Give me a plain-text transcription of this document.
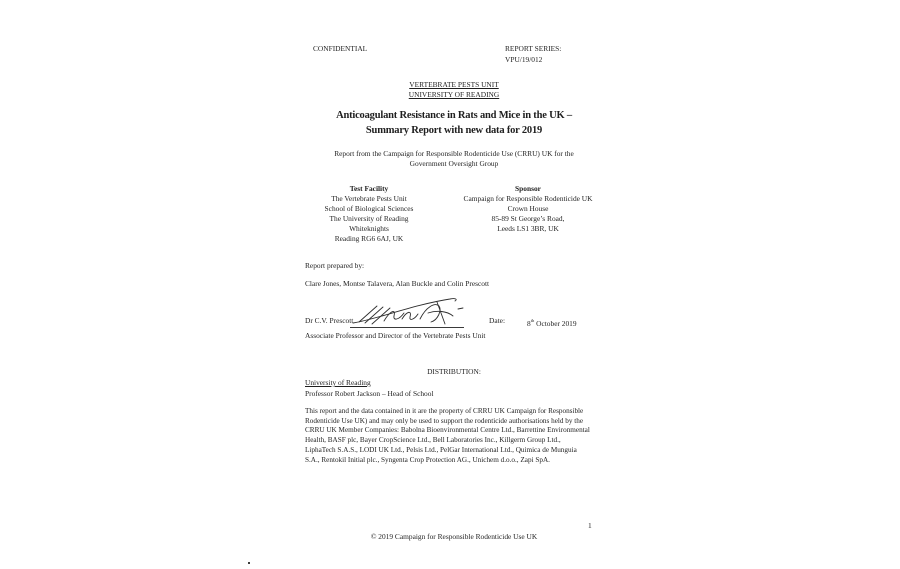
CONFIDENTIAL	REPORT SERIES:
VPU/19/012
VERTEBRATE PESTS UNIT
UNIVERSITY OF READING
Anticoagulant Resistance in Rats and Mice in the UK –
Summary Report with new data for 2019
Report from the Campaign for Responsible Rodenticide Use (CRRU) UK for the
Government Oversight Group
Test Facility
The Vertebrate Pests Unit
School of Biological Sciences
The University of Reading
Whiteknights
Reading RG6 6AJ, UK
Sponsor
Campaign for Responsible Rodenticide UK
Crown House
85-89 St George’s Road,
Leeds LS1 3BR, UK
Report prepared by:
Clare Jones, Montse Talavera, Alan Buckle and Colin Prescott
Dr C.V. Prescott	Date:	8th October 2019
Associate Professor and Director of the Vertebrate Pests Unit
DISTRIBUTION:
University of Reading
Professor Robert Jackson – Head of School
This report and the data contained in it are the property of CRRU UK Campaign for Responsible
Rodenticide Use UK) and may only be used to support the rodenticide authorisations held by the
CRRU UK Member Companies: Babolna Bioenvironmental Centre Ltd., Barrettine Environmental
Health, BASF plc, Bayer CropScience Ltd., Bell Laboratories Inc., Killgerm Group Ltd.,
LiphaTech S.A.S., LODI UK Ltd., Pelsis Ltd., PelGar International Ltd., Quimica de Munguia
S.A., Rentokil Initial plc., Syngenta Crop Protection AG., Unichem d.o.o., Zapi SpA.
1
© 2019 Campaign for Responsible Rodenticide Use UK
